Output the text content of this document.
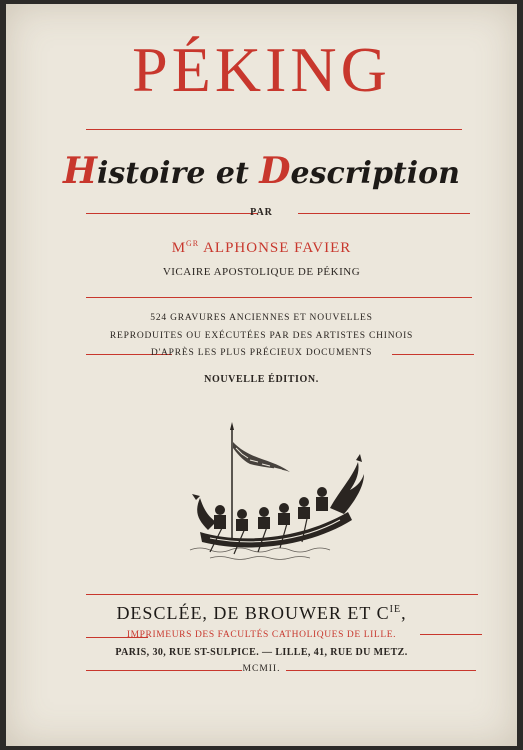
PÉKING
Histoire et Description
PAR
$M^{GR}$ ALPHONSE FAVIER
VICAIRE APOSTOLIQUE DE PÉKING
524 GRAVURES ANCIENNES ET NOUVELLES
REPRODUITES OU EXÉCUTÉES PAR DES ARTISTES CHINOIS
D'APRÈS LES PLUS PRÉCIEUX DOCUMENTS
NOUVELLE ÉDITION.
DESCLÉE, DE BROUWER ET $C^{IE}$,
IMPRIMEURS DES FACULTÉS CATHOLIQUES DE LILLE.
PARIS, 30, RUE ST-SULPICE. — LILLE, 41, RUE DU METZ.
MCMII.
